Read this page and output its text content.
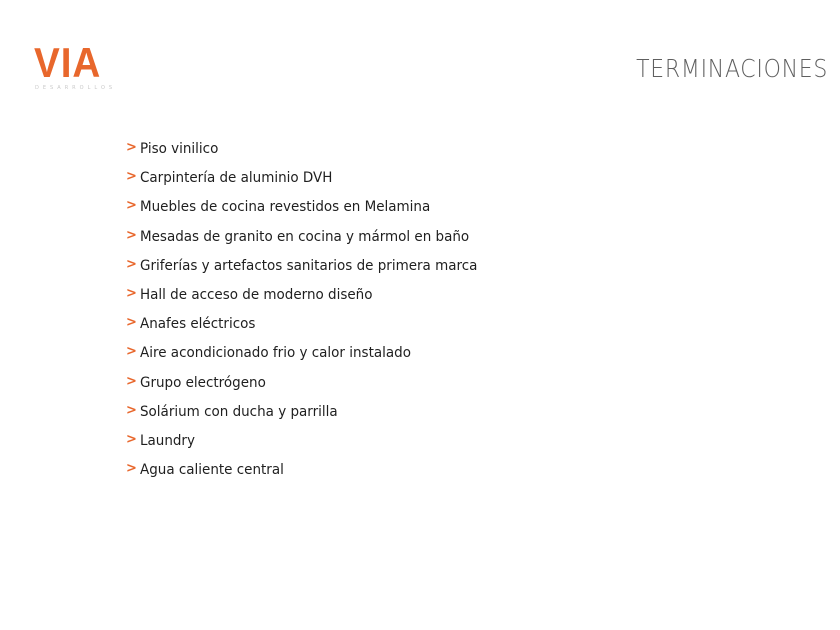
VIA
DESARROLLOS
TERMINACIONES
> Piso vinilico
> Carpintería de aluminio DVH
> Muebles de cocina revestidos en Melamina
> Mesadas de granito en cocina y mármol en baño
> Griferías y artefactos sanitarios de primera marca
> Hall de acceso de moderno diseño
> Anafes eléctricos
> Aire acondicionado frio y calor instalado
> Grupo electrógeno
> Solárium con ducha y parrilla
> Laundry
> Agua caliente central
